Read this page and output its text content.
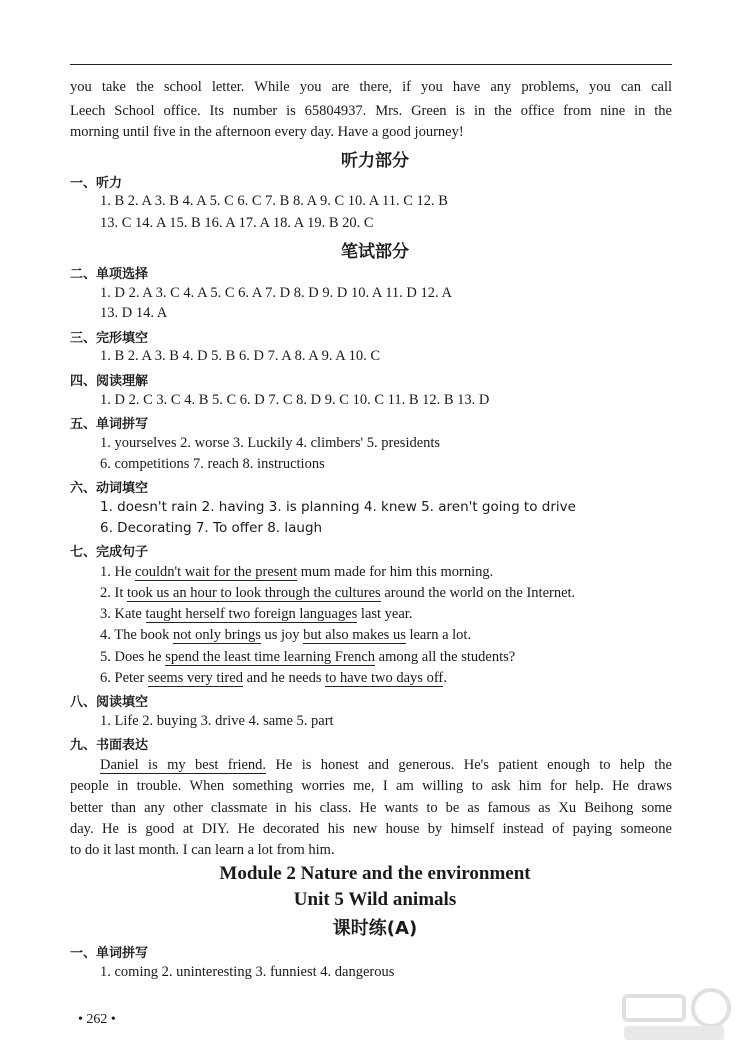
you take the school letter. While you are there, if you have any problems, you can call
Leech School office. Its number is 65804937. Mrs. Green is in the office from nine in the
morning until five in the afternoon every day. Have a good journey!
听力部分
一、听力
1. B 2. A 3. B 4. A 5. C 6. C 7. B 8. A 9. C 10. A 11. C 12. B
13. C 14. A 15. B 16. A 17. A 18. A 19. B 20. C
笔试部分
二、单项选择
1. D 2. A 3. C 4. A 5. C 6. A 7. D 8. D 9. D 10. A 11. D 12. A
13. D 14. A
三、完形填空
1. B 2. A 3. B 4. D 5. B 6. D 7. A 8. A 9. A 10. C
四、阅读理解
1. D 2. C 3. C 4. B 5. C 6. D 7. C 8. D 9. C 10. C 11. B 12. B 13. D
五、单词拼写
1. yourselves 2. worse 3. Luckily 4. climbers' 5. presidents
6. competitions 7. reach 8. instructions
六、动词填空
1. doesn't rain 2. having 3. is planning 4. knew 5. aren't going to drive
6. Decorating 7. To offer 8. laugh
七、完成句子
1. He couldn't wait for the present mum made for him this morning.
2. It took us an hour to look through the cultures around the world on the Internet.
3. Kate taught herself two foreign languages last year.
4. The book not only brings us joy but also makes us learn a lot.
5. Does he spend the least time learning French among all the students?
6. Peter seems very tired and he needs to have two days off.
八、阅读填空
1. Life 2. buying 3. drive 4. same 5. part
九、书面表达
Daniel is my best friend. He is honest and generous. He's patient enough to help the
people in trouble. When something worries me, I am willing to ask him for help. He draws
better than any other classmate in his class. He wants to be as famous as Xu Beihong some
day. He is good at DIY. He decorated his new house by himself instead of paying someone
to do it last month. I can learn a lot from him.
Module 2 Nature and the environment
Unit 5 Wild animals
课时练(A)
一、单词拼写
1. coming 2. uninteresting 3. funniest 4. dangerous
• 262 •
